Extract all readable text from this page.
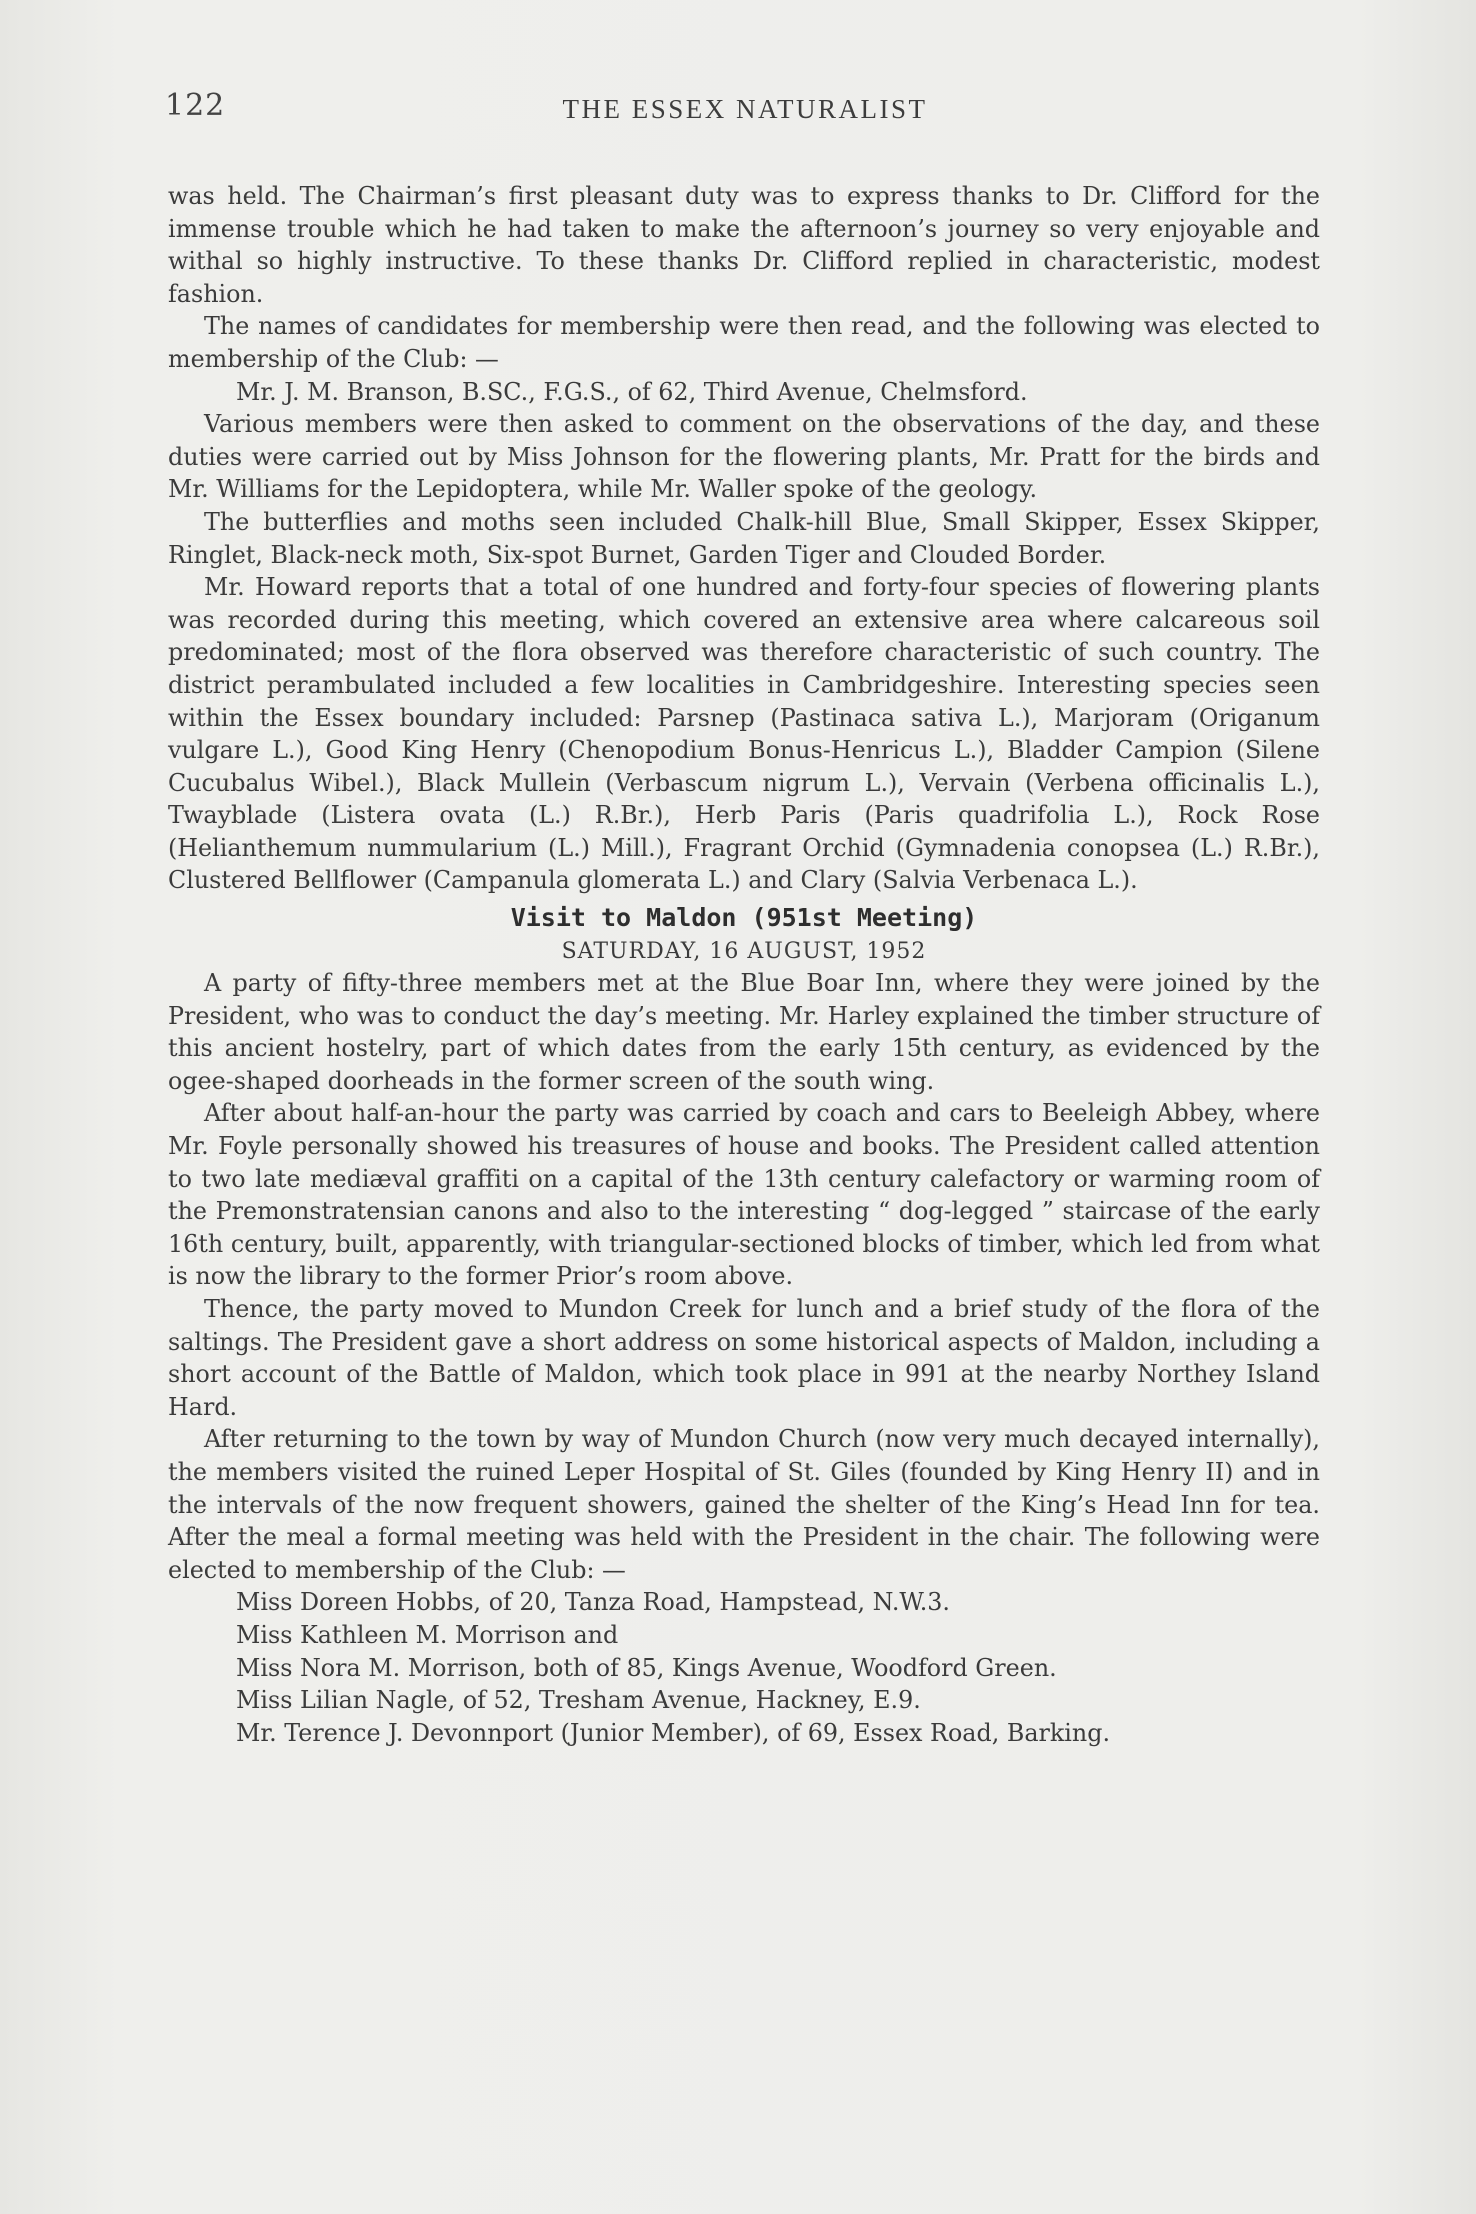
122	THE ESSEX NATURALIST

was held. The Chairman’s first pleasant duty was to express thanks to Dr. Clifford for the immense trouble which he had taken to make the afternoon’s journey so very enjoyable and withal so highly instructive. To these thanks Dr. Clifford replied in characteristic, modest fashion.

The names of candidates for membership were then read, and the following was elected to membership of the Club: —

Mr. J. M. Branson, B.SC., F.G.S., of 62, Third Avenue, Chelmsford.

Various members were then asked to comment on the observations of the day, and these duties were carried out by Miss Johnson for the flowering plants, Mr. Pratt for the birds and Mr. Williams for the Lepidoptera, while Mr. Waller spoke of the geology.

The butterflies and moths seen included Chalk-hill Blue, Small Skipper, Essex Skipper, Ringlet, Black-neck moth, Six-spot Burnet, Garden Tiger and Clouded Border.

Mr. Howard reports that a total of one hundred and forty-four species of flowering plants was recorded during this meeting, which covered an extensive area where calcareous soil predominated; most of the flora observed was therefore characteristic of such country. The district perambulated included a few localities in Cambridgeshire. Interesting species seen within the Essex boundary included: Parsnep (Pastinaca sativa L.), Marjoram (Origanum vulgare L.), Good King Henry (Chenopodium Bonus-Henricus L.), Bladder Campion (Silene Cucubalus Wibel.), Black Mullein (Verbascum nigrum L.), Vervain (Verbena officinalis L.), Twayblade (Listera ovata (L.) R.Br.), Herb Paris (Paris quadrifolia L.), Rock Rose (Helianthemum nummularium (L.) Mill.), Fragrant Orchid (Gymnadenia conopsea (L.) R.Br.), Clustered Bellflower (Campanula glomerata L.) and Clary (Salvia Verbenaca L.).

Visit to Maldon (951st Meeting)
SATURDAY, 16 AUGUST, 1952

A party of fifty-three members met at the Blue Boar Inn, where they were joined by the President, who was to conduct the day’s meeting. Mr. Harley explained the timber structure of this ancient hostelry, part of which dates from the early 15th century, as evidenced by the ogee-shaped doorheads in the former screen of the south wing.

After about half-an-hour the party was carried by coach and cars to Beeleigh Abbey, where Mr. Foyle personally showed his treasures of house and books. The President called attention to two late mediæval graffiti on a capital of the 13th century calefactory or warming room of the Premonstratensian canons and also to the interesting “ dog-legged ” staircase of the early 16th century, built, apparently, with triangular-sectioned blocks of timber, which led from what is now the library to the former Prior’s room above.

Thence, the party moved to Mundon Creek for lunch and a brief study of the flora of the saltings. The President gave a short address on some historical aspects of Maldon, including a short account of the Battle of Maldon, which took place in 991 at the nearby Northey Island Hard.

After returning to the town by way of Mundon Church (now very much decayed internally), the members visited the ruined Leper Hospital of St. Giles (founded by King Henry II) and in the intervals of the now frequent showers, gained the shelter of the King’s Head Inn for tea. After the meal a formal meeting was held with the President in the chair. The following were elected to membership of the Club: —

Miss Doreen Hobbs, of 20, Tanza Road, Hampstead, N.W.3.

Miss Kathleen M. Morrison and

Miss Nora M. Morrison, both of 85, Kings Avenue, Woodford Green.

Miss Lilian Nagle, of 52, Tresham Avenue, Hackney, E.9.

Mr. Terence J. Devonnport (Junior Member), of 69, Essex Road, Barking.
